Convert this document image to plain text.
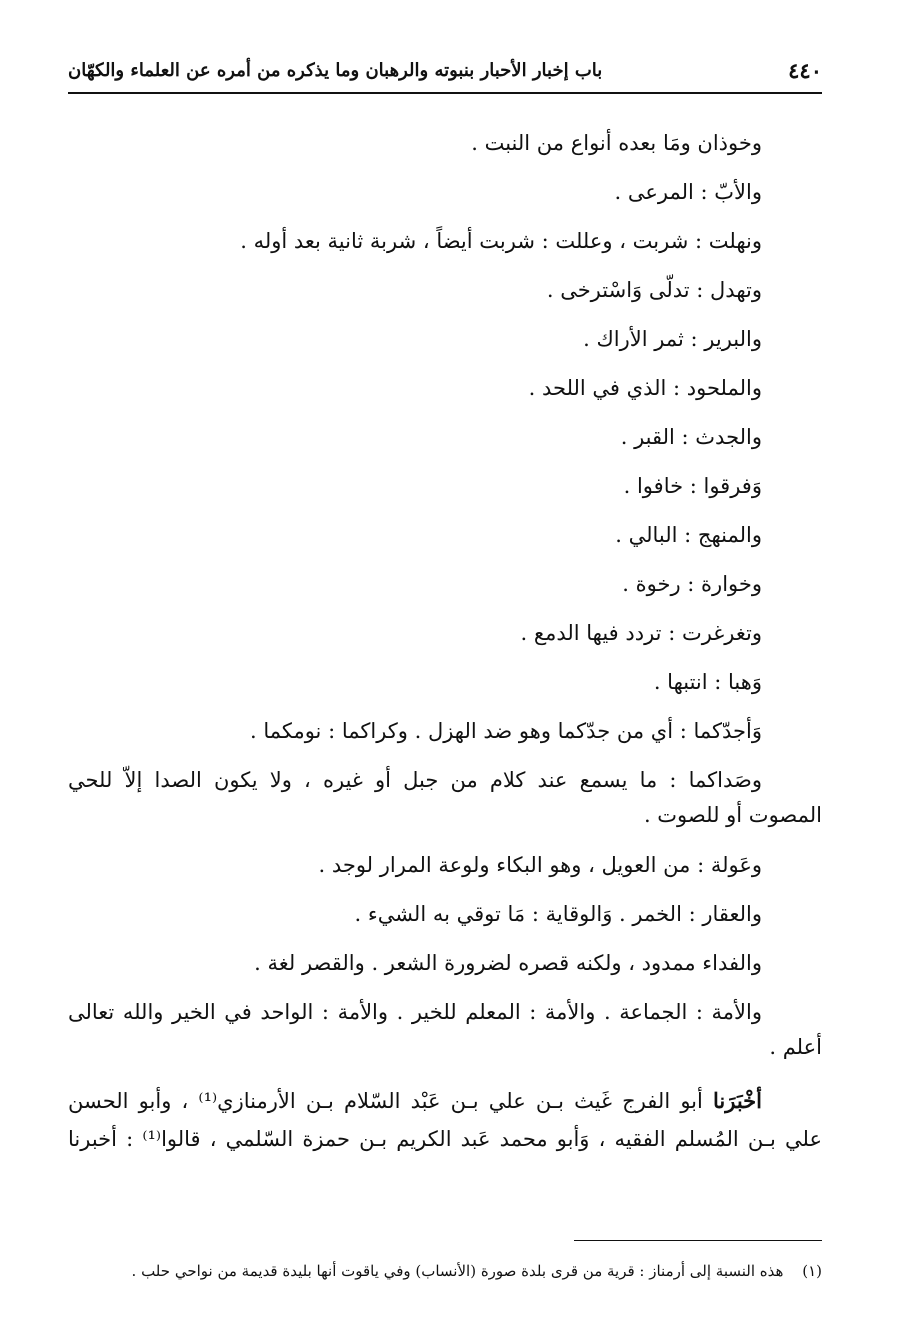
٤٤٠
باب إخبار الأحبار بنبوته والرهبان وما يذكره من أمره عن العلماء والكهّان

وخوذان ومَا بعده أنواع من النبت .

والأبّ : المرعى .

ونهلت : شربت ، وعللت : شربت أيضاً ، شربة ثانية بعد أوله .

وتهدل : تدلّى وَاسْترخى .

والبرير : ثمر الأراك .

والملحود : الذي في اللحد .

والجدث : القبر .

وَفرقوا : خافوا .

والمنهج : البالي .

وخوارة : رخوة .

وتغرغرت : تردد فيها الدمع .

وَهبا : انتبها .

وَأجدّكما : أي من جدّكما وهو ضد الهزل . وكراكما : نومكما .

وصَداكما : ما يسمع عند كلام من جبل أو غيره ، ولا يكون الصدا إلاّ للحي
المصوت أو للصوت .

وعَولة : من العويل ، وهو البكاء ولوعة المرار لوجد .

والعقار : الخمر . وَالوقاية : مَا توقي به الشيء .

والفداء ممدود ، ولكنه قصره لضرورة الشعر . والقصر لغة .

والأمة : الجماعة . والأمة : المعلم للخير . والأمة : الواحد في الخير والله تعالى
أعلم .
أخْبَرَنا أبو الفرج غَيث بـن علي بـن عَبْد السّلام بـن الأرمنازي⁽¹⁾ ، وأبو الحسن
علي بـن المُسلم الفقيه ، وَأبو محمد عَبد الكريم بـن حمزة السّلمي ، قالوا⁽¹⁾ : أخبرنا
(١) هذه النسبة إلى أرمناز : قرية من قرى بلدة صورة (الأنساب) وفي ياقوت أنها بليدة قديمة من نواحي حلب .
